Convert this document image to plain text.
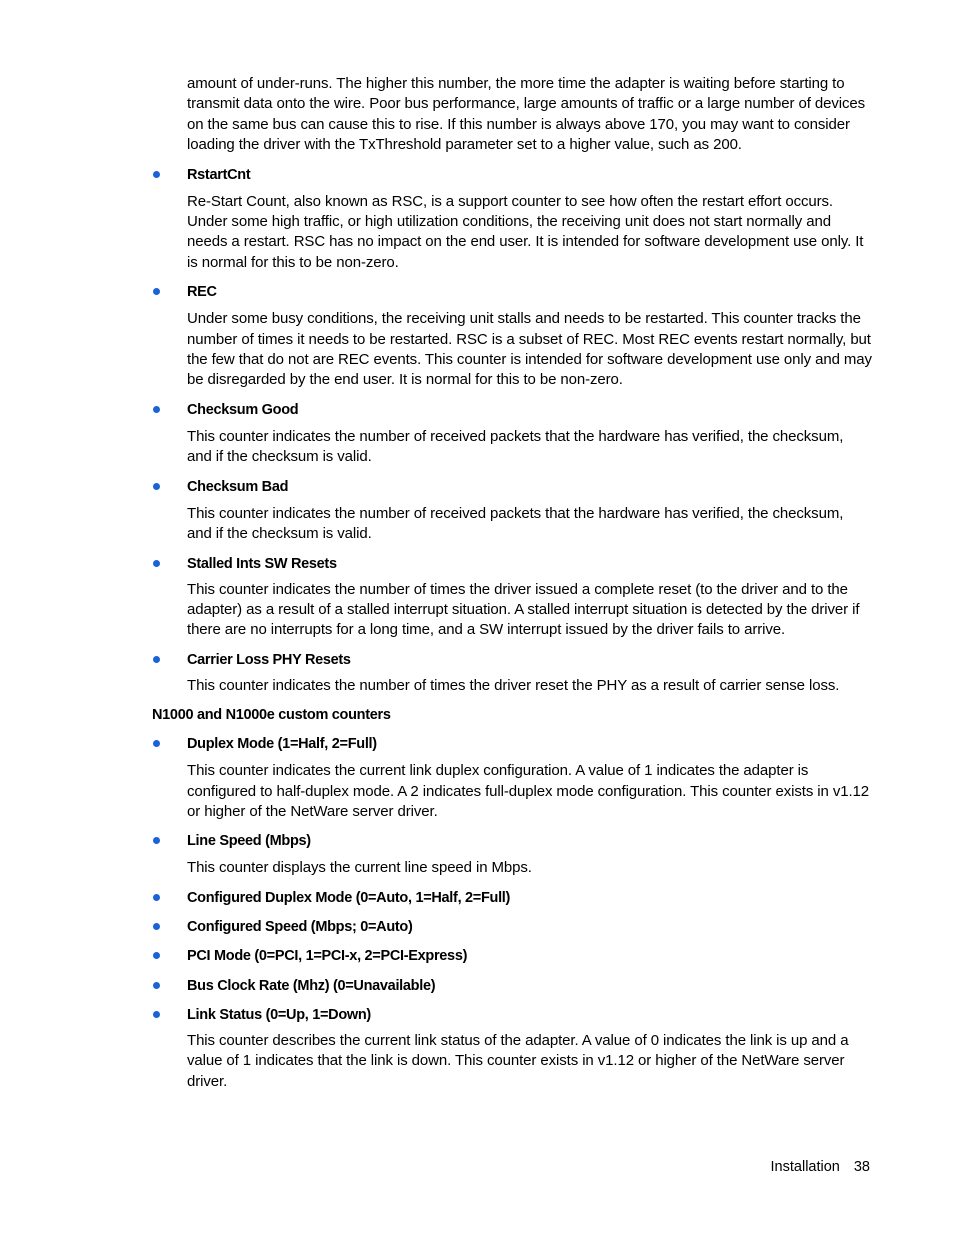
amount of under-runs. The higher this number, the more time the adapter is waiting before starting to transmit data onto the wire. Poor bus performance, large amounts of traffic or a large number of devices on the same bus can cause this to rise. If this number is always above 170, you may want to consider loading the driver with the TxThreshold parameter set to a higher value, such as 200.

RstartCnt

Re-Start Count, also known as RSC, is a support counter to see how often the restart effort occurs. Under some high traffic, or high utilization conditions, the receiving unit does not start normally and needs a restart. RSC has no impact on the end user. It is intended for software development use only. It is normal for this to be non-zero.

REC

Under some busy conditions, the receiving unit stalls and needs to be restarted. This counter tracks the number of times it needs to be restarted. RSC is a subset of REC. Most REC events restart normally, but the few that do not are REC events. This counter is intended for software development use only and may be disregarded by the end user. It is normal for this to be non-zero.

Checksum Good

This counter indicates the number of received packets that the hardware has verified, the checksum, and if the checksum is valid.

Checksum Bad

This counter indicates the number of received packets that the hardware has verified, the checksum, and if the checksum is valid.

Stalled Ints SW Resets

This counter indicates the number of times the driver issued a complete reset (to the driver and to the adapter) as a result of a stalled interrupt situation. A stalled interrupt situation is detected by the driver if there are no interrupts for a long time, and a SW interrupt issued by the driver fails to arrive.

Carrier Loss PHY Resets

This counter indicates the number of times the driver reset the PHY as a result of carrier sense loss.

N1000 and N1000e custom counters
Duplex Mode (1=Half, 2=Full)

This counter indicates the current link duplex configuration. A value of 1 indicates the adapter is configured to half-duplex mode. A 2 indicates full-duplex mode configuration. This counter exists in v1.12 or higher of the NetWare server driver.

Line Speed (Mbps)

This counter displays the current line speed in Mbps.

Configured Duplex Mode (0=Auto, 1=Half, 2=Full)
Configured Speed (Mbps; 0=Auto)
PCI Mode (0=PCI, 1=PCI-x, 2=PCI-Express)
Bus Clock Rate (Mhz) (0=Unavailable)
Link Status (0=Up, 1=Down)

This counter describes the current link status of the adapter. A value of 0 indicates the link is up and a value of 1 indicates that the link is down. This counter exists in v1.12 or higher of the NetWare server driver.

Installation 38
